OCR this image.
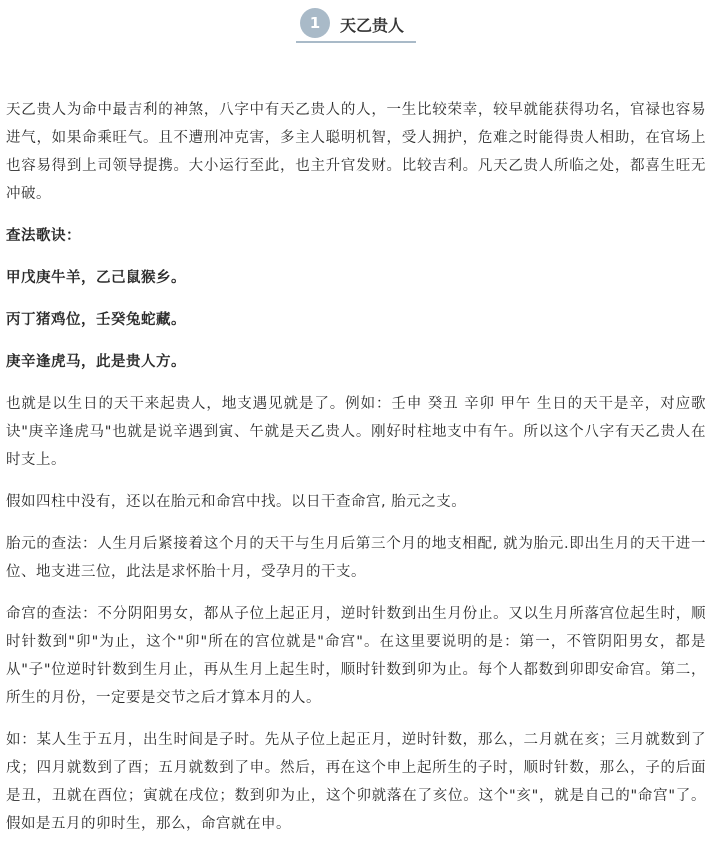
1	天乙贵人

天乙贵人为命中最吉利的神煞，八字中有天乙贵人的人，一生比较荣幸，较早就能获得功名，官禄也容易进气，如果命乘旺气。且不遭刑冲克害，多主人聪明机智，受人拥护，危难之时能得贵人相助，在官场上也容易得到上司领导提携。大小运行至此，也主升官发财。比较吉利。凡天乙贵人所临之处，都喜生旺无冲破。

查法歌诀：

甲戊庚牛羊，乙己鼠猴乡。

丙丁猪鸡位，壬癸兔蛇藏。

庚辛逢虎马，此是贵人方。

也就是以生日的天干来起贵人，地支遇见就是了。例如：壬申 癸丑 辛卯 甲午 生日的天干是辛，对应歌诀"庚辛逢虎马"也就是说辛遇到寅、午就是天乙贵人。刚好时柱地支中有午。所以这个八字有天乙贵人在时支上。

假如四柱中没有，还以在胎元和命宫中找。以日干查命宫, 胎元之支。

胎元的查法：人生月后紧接着这个月的天干与生月后第三个月的地支相配, 就为胎元.即出生月的天干进一位、地支进三位，此法是求怀胎十月，受孕月的干支。

命宫的查法：不分阴阳男女，都从子位上起正月，逆时针数到出生月份止。又以生月所落宫位起生时，顺时针数到"卯"为止，这个"卯"所在的宫位就是"命宫"。在这里要说明的是：第一，不管阴阳男女，都是从"子"位逆时针数到生月止，再从生月上起生时，顺时针数到卯为止。每个人都数到卯即安命宫。第二，所生的月份，一定要是交节之后才算本月的人。

如：某人生于五月，出生时间是子时。先从子位上起正月，逆时针数，那么，二月就在亥；三月就数到了戌；四月就数到了酉；五月就数到了申。然后，再在这个申上起所生的子时，顺时针数，那么，子的后面是丑，丑就在酉位；寅就在戌位；数到卯为止，这个卯就落在了亥位。这个"亥"，就是自己的"命宫"了。假如是五月的卯时生，那么，命宫就在申。
